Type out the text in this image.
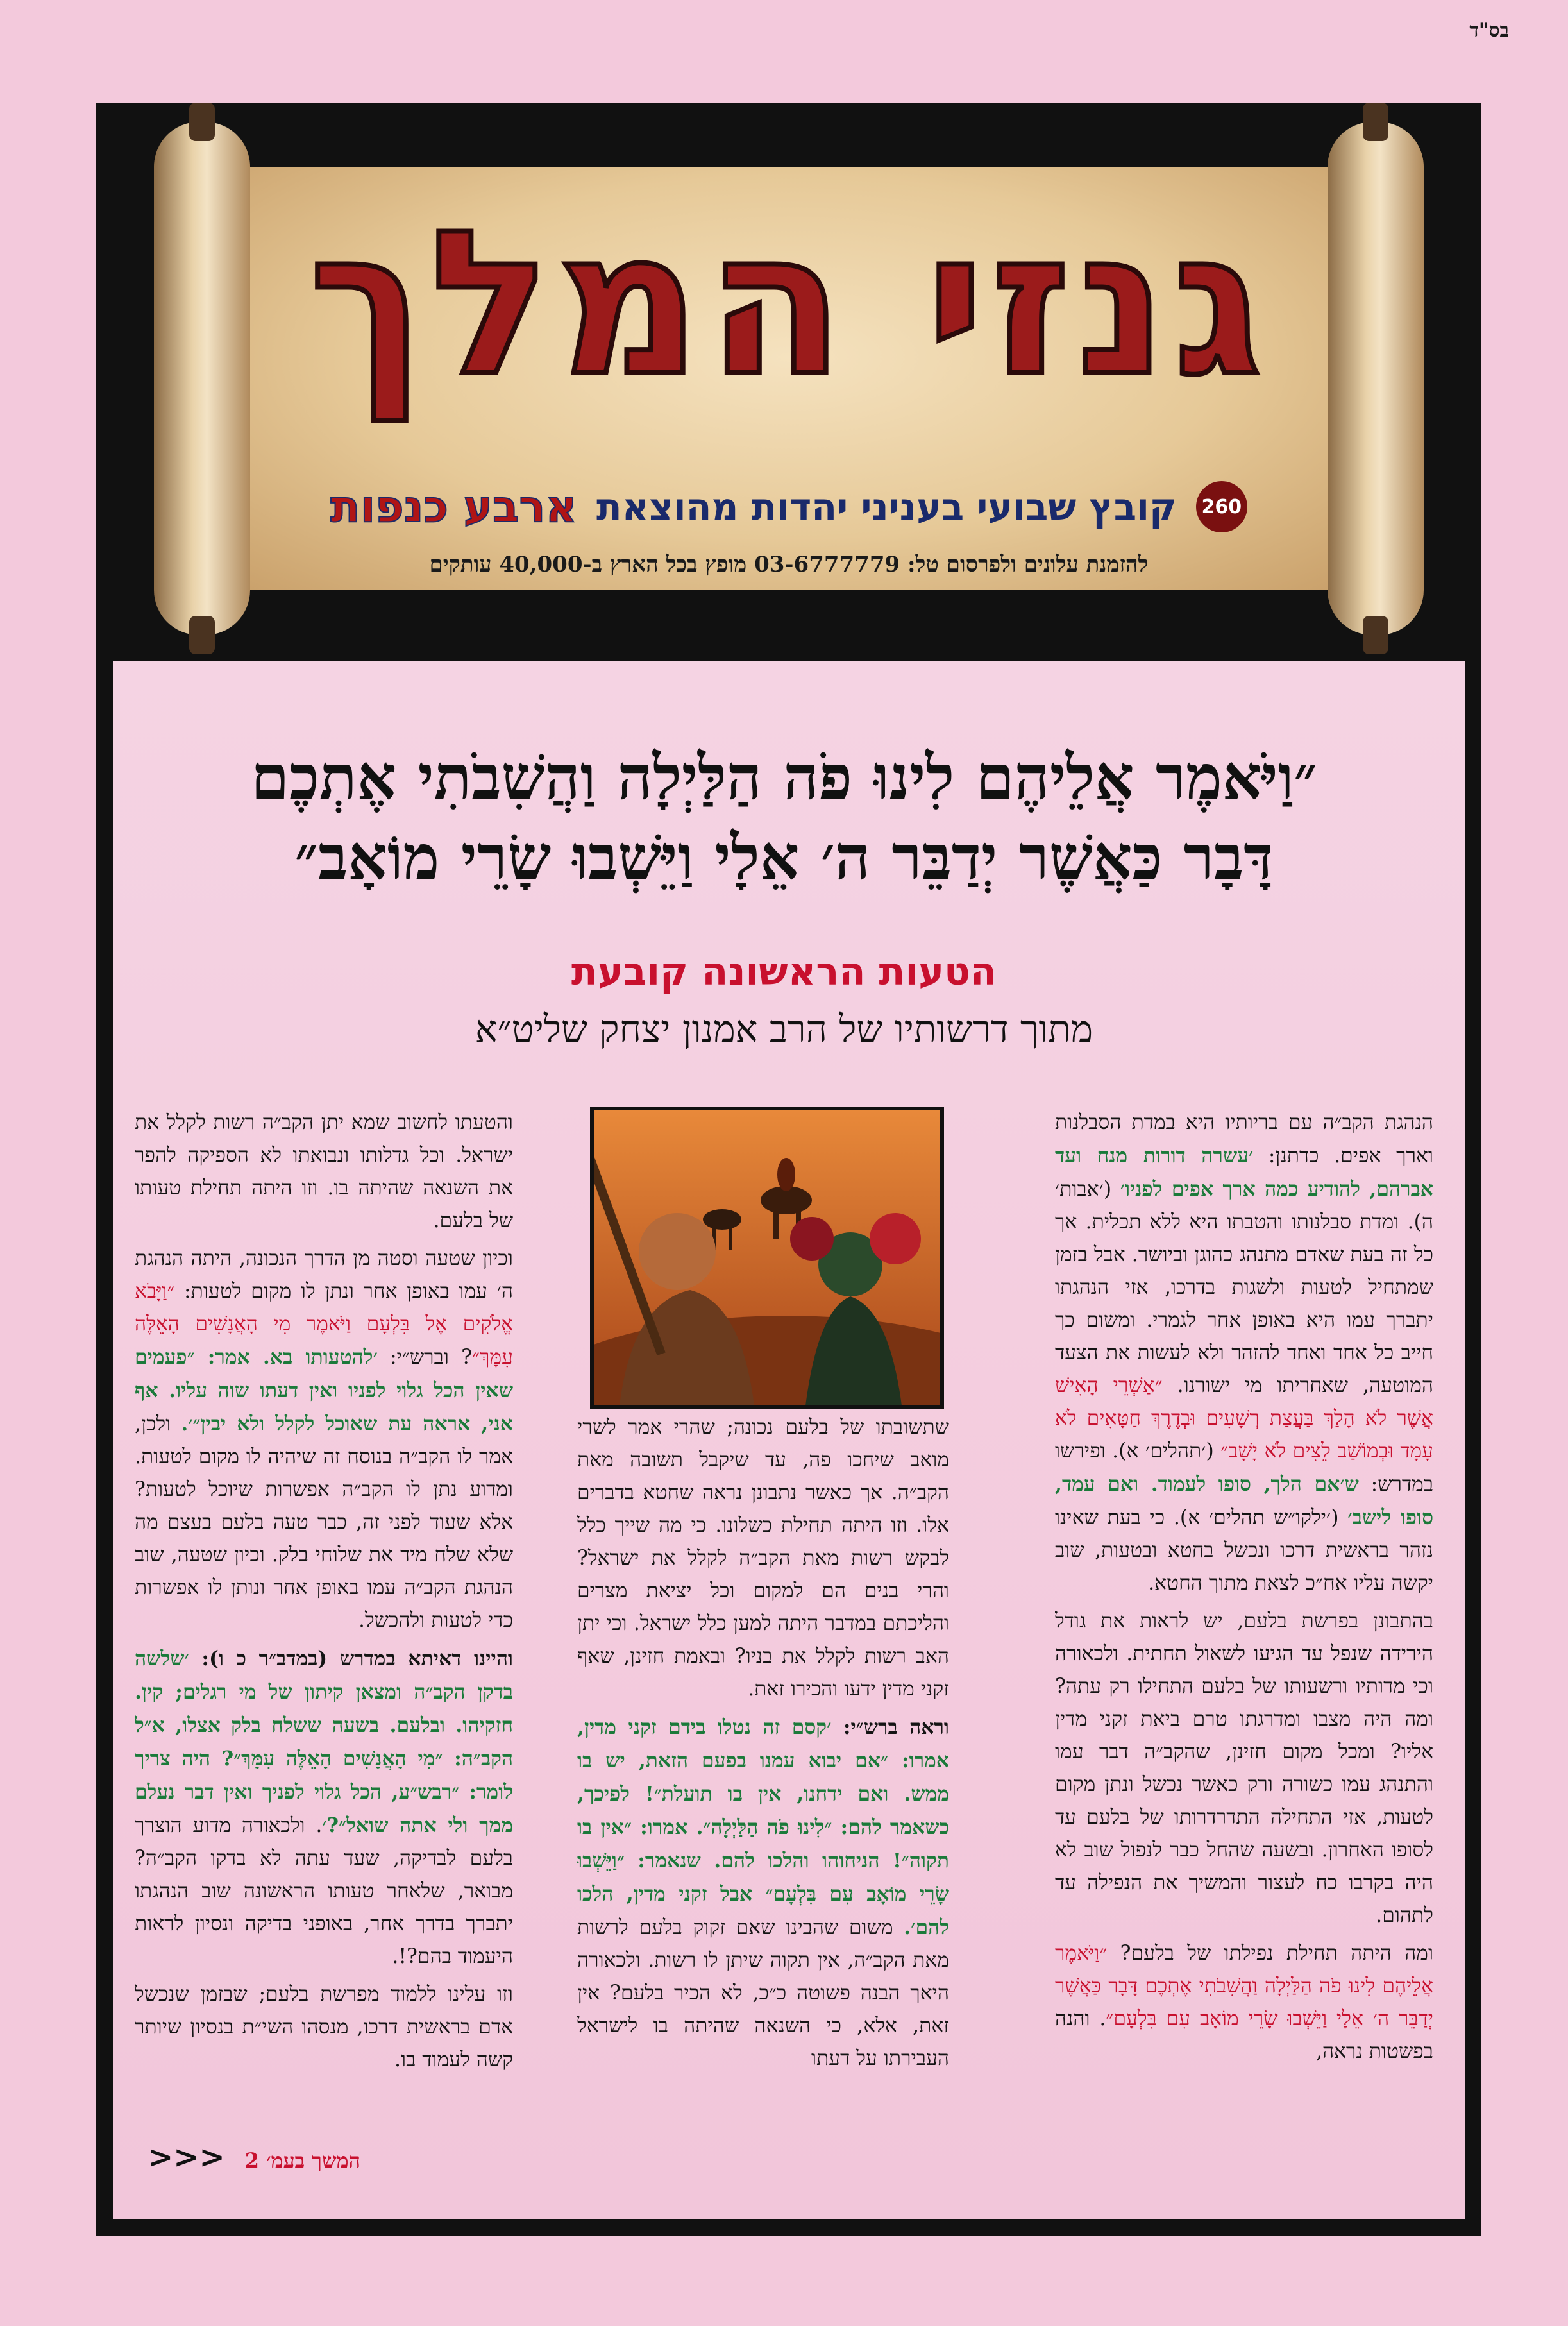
בס"ד
גנזי המלך
260
קובץ שבועי בעניני יהדות מהוצאת
ארבע כנפות
להזמנת עלונים ולפרסום טל: 03-6777779 מופץ בכל הארץ ב-40,000 עותקים
״וַיֹּאמֶר אֲלֵיהֶם לִינוּ פֹה הַלַּיְלָה וַהֲשִׁבֹתִי אֶתְכֶם
דָּבָר כַּאֲשֶׁר יְדַבֵּר ה׳ אֵלָי וַיֵּשְׁבוּ שָׂרֵי מוֹאָב״
הטעות הראשונה קובעת
מתוך דרשותיו של הרב אמנון יצחק שליט״א

הנהגת הקב״ה עם בריותיו היא במדת הסבלנות וארך אפים. כדתנן: ׳עשרה דורות מנח ועד אברהם, להודיע כמה ארך אפים לפניו׳ (׳אבות׳ ה). ומדת סבלנותו והטבתו היא ללא תכלית. אך כל זה בעת שאדם מתנהג כהוגן וביושר. אבל בזמן שמתחיל לטעות ולשגות בדרכו, אזי הנהגתו יתברך עמו היא באופן אחר לגמרי. ומשום כך חייב כל אחד ואחד להזהר ולא לעשות את הצעד המוטעה, שאחריתו מי ישורנו. ״אַשְׁרֵי הָאִישׁ אֲשֶׁר לֹא הָלַךְ בַּעֲצַת רְשָׁעִים וּבְדֶרֶךְ חַטָּאִים לֹא עָמָד וּבְמוֹשַׁב לֵצִים לֹא יָשָׁב״ (׳תהלים׳ א). ופירשו במדרש: ש׳אם הלך, סופו לעמוד. ואם עמד, סופו לישב׳ (׳ילקו״ש תהלים׳ א). כי בעת שאינו נזהר בראשית דרכו ונכשל בחטא ובטעות, שוב יקשה עליו אח״כ לצאת מתוך החטא.

בהתבונן בפרשת בלעם, יש לראות את גודל הירידה שנפל עד הגיעו לשאול תחתית. ולכאורה וכי מדותיו ורשעותו של בלעם התחילו רק עתה? ומה היה מצבו ומדרגתו טרם ביאת זקני מדין אליו? ומכל מקום חזינן, שהקב״ה דבר עמו והתנהג עמו כשורה ורק כאשר נכשל ונתן מקום לטעות, אזי התחילה התדרדרותו של בלעם עד לסופו האחרון. ובשעה שהחל כבר לנפול שוב לא היה בקרבו כח לעצור והמשיך את הנפילה עד לתהום.

ומה היתה תחילת נפילתו של בלעם? ״וַיֹּאמֶר אֲלֵיהֶם לִינוּ פֹה הַלַּיְלָה וַהֲשִׁבֹתִי אֶתְכֶם דָּבָר כַּאֲשֶׁר יְדַבֵּר ה׳ אֵלָי וַיֵּשְׁבוּ שָׂרֵי מוֹאָב עִם בִּלְעָם״. והנה בפשטות נראה,

שתשובתו של בלעם נכונה; שהרי אמר לשרי מואב שיחכו פה, עד שיקבל תשובה מאת הקב״ה. אך כאשר נתבונן נראה שחטא בדברים אלו. וזו היתה תחילת כשלונו. כי מה שייך כלל לבקש רשות מאת הקב״ה לקלל את ישראל? והרי בנים הם למקום וכל יציאת מצרים והליכתם במדבר היתה למען כלל ישראל. וכי יתן האב רשות לקלל את בניו? ובאמת חזינן, שאף זקני מדין ידעו והכירו זאת.

וראה ברש״י: ׳קסם זה נטלו בידם זקני מדין, אמרו: ״אם יבוא עמנו בפעם הזאת, יש בו ממש. ואם ידחנו, אין בו תועלת״! לפיכך, כשאמר להם: ״לִינוּ פֹה הַלַּיְלָה״. אמרו: ״אין בו תקוה״! הניחוהו והלכו להם. שנאמר: ״וַיֵּשְׁבוּ שָׂרֵי מוֹאָב עִם בִּלְעָם״ אבל זקני מדין, הלכו להם׳. משום שהבינו שאם זקוק בלעם לרשות מאת הקב״ה, אין תקוה שיתן לו רשות. ולכאורה היאך הבנה פשוטה כ״כ, לא הכיר בלעם? אין זאת, אלא, כי השנאה שהיתה בו לישראל העבירתו על דעתו

והטעתו לחשוב שמא יתן הקב״ה רשות לקלל את ישראל. וכל גדלותו ונבואתו לא הספיקה להפר את השנאה שהיתה בו. וזו היתה תחילת טעותו של בלעם.

וכיון שטעה וסטה מן הדרך הנכונה, היתה הנהגת ה׳ עמו באופן אחר ונתן לו מקום לטעות: ״וַיָּבֹא אֱלֹקִים אֶל בִּלְעָם וַיֹּאמֶר מִי הָאֲנָשִׁים הָאֵלֶּה עִמָּךְ״? וברש״י: ׳להטעותו בא. אמר: ״פעמים שאין הכל גלוי לפניו ואין דעתו שוה עליו. אף אני, אראה עת שאוכל לקלל ולא יבין״׳. ולכן, אמר לו הקב״ה בנוסח זה שיהיה לו מקום לטעות. ומדוע נתן לו הקב״ה אפשרות שיוכל לטעות? אלא שעוד לפני זה, כבר טעה בלעם בעצם מה שלא שלח מיד את שלוחי בלק. וכיון שטעה, שוב הנהגת הקב״ה עמו באופן אחר ונותן לו אפשרות כדי לטעות ולהכשל.

והיינו דאיתא במדרש (במדב״ר כ ו): ׳שלשה בדקן הקב״ה ומצאן קיתון של מי רגלים; קין. חזקיהו. ובלעם. בשעה ששלח בלק אצלו, א״ל הקב״ה: ״מִי הָאֲנָשִׁים הָאֵלֶּה עִמָּךְ״? היה צריך לומר: ״רבש״ע, הכל גלוי לפניך ואין דבר נעלם ממך ולי אתה שואל״?׳. ולכאורה מדוע הוצרך בלעם לבדיקה, שעד עתה לא בדקו הקב״ה? מבואר, שלאחר טעותו הראשונה שוב הנהגתו יתברך בדרך אחר, באופני בדיקה ונסיון לראות היעמוד בהם?!.

וזו עלינו ללמוד מפרשת בלעם; שבזמן שנכשל אדם בראשית דרכו, מנסהו השי״ת בנסיון שיותר קשה לעמוד בו.

המשך בעמ׳ 2 <<<
